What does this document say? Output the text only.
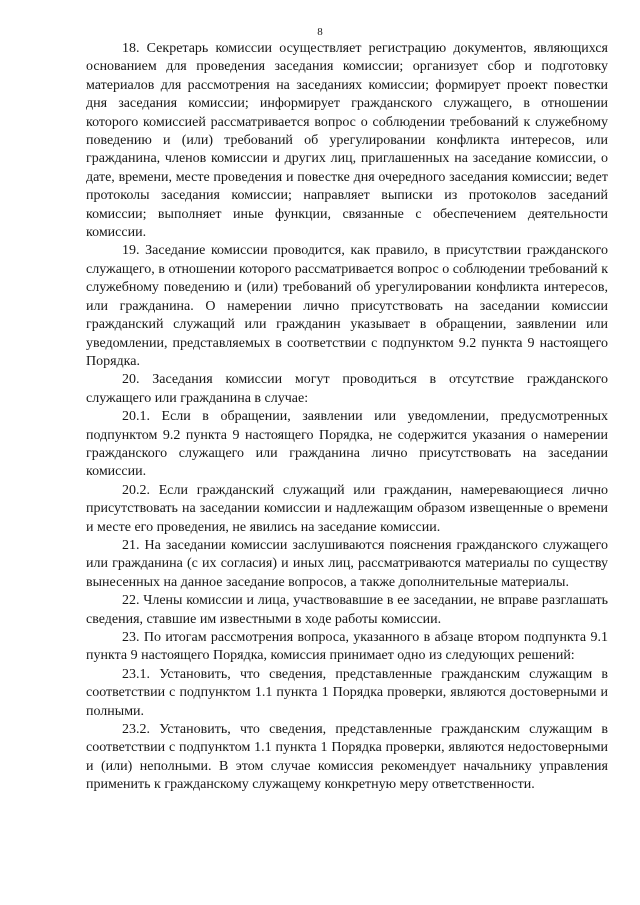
8

18. Секретарь комиссии осуществляет регистрацию документов, являющихся основанием для проведения заседания комиссии; организует сбор и подготовку материалов для рассмотрения на заседаниях комиссии; формирует проект повестки дня заседания комиссии; информирует гражданского служащего, в отношении которого комиссией рассматривается вопрос о соблюдении требований к служебному поведению и (или) требований об урегулировании конфликта интересов, или гражданина, членов комиссии и других лиц, приглашенных на заседание комиссии, о дате, времени, месте проведения и повестке дня очередного заседания комиссии; ведет протоколы заседания комиссии; направляет выписки из протоколов заседаний комиссии; выполняет иные функции, связанные с обеспечением деятельности комиссии.

19. Заседание комиссии проводится, как правило, в присутствии гражданского служащего, в отношении которого рассматривается вопрос о соблюдении требований к служебному поведению и (или) требований об урегулировании конфликта интересов, или гражданина. О намерении лично присутствовать на заседании комиссии гражданский служащий или гражданин указывает в обращении, заявлении или уведомлении, представляемых в соответствии с подпунктом 9.2 пункта 9 настоящего Порядка.

20. Заседания комиссии могут проводиться в отсутствие гражданского служащего или гражданина в случае:

20.1. Если в обращении, заявлении или уведомлении, предусмотренных подпунктом 9.2 пункта 9 настоящего Порядка, не содержится указания о намерении гражданского служащего или гражданина лично присутствовать на заседании комиссии.

20.2. Если гражданский служащий или гражданин, намеревающиеся лично присутствовать на заседании комиссии и надлежащим образом извещенные о времени и месте его проведения, не явились на заседание комиссии.

21. На заседании комиссии заслушиваются пояснения гражданского служащего или гражданина (с их согласия) и иных лиц, рассматриваются материалы по существу вынесенных на данное заседание вопросов, а также дополнительные материалы.

22. Члены комиссии и лица, участвовавшие в ее заседании, не вправе разглашать сведения, ставшие им известными в ходе работы комиссии.

23. По итогам рассмотрения вопроса, указанного в абзаце втором подпункта 9.1 пункта 9 настоящего Порядка, комиссия принимает одно из следующих решений:

23.1. Установить, что сведения, представленные гражданским служащим в соответствии с подпунктом 1.1 пункта 1 Порядка проверки, являются достоверными и полными.

23.2. Установить, что сведения, представленные гражданским служащим в соответствии с подпунктом 1.1 пункта 1 Порядка проверки, являются недостоверными и (или) неполными. В этом случае комиссия рекомендует начальнику управления применить к гражданскому служащему конкретную меру ответственности.
